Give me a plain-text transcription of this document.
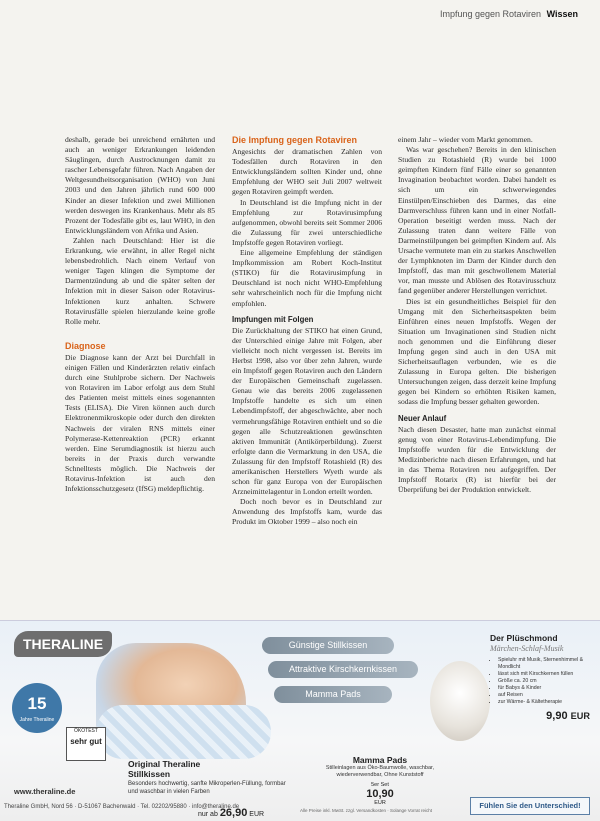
Impfung gegen Rotaviren Wissen

deshalb, gerade bei unreichend ernährten und auch an weniger Erkrankungen leidenden Säuglingen, durch Austrocknungen damit zu rascher Lebensgefahr führen. Nach Angaben der Weltgesundheitsorganisation (WHO) von Juni 2003 und den Jahren jährlich rund 600 000 Kinder an dieser Infektion und zwei Millionen werden deswegen ins Krankenhaus. Mehr als 85 Prozent der Todesfälle gibt es, laut WHO, in den Entwicklungsländern von Afrika und Asien.

Zahlen nach Deutschland: Hier ist die Erkrankung, wie erwähnt, in aller Regel nicht lebensbedrohlich. Nach einem Verlauf von weniger Tagen klingen die Symptome der Darmentzündung ab und die später selten der Infektion mit in dieser Saison oder Rotavirus-Infektionen kurz anhalten. Schwere Rotavirusfälle spielen hierzulande keine große Rolle mehr.

Diagnose

Die Diagnose kann der Arzt bei Durchfall in einigen Fällen und Kinderärzten relativ einfach durch eine Stuhlprobe sichern. Der Nachweis von Rotaviren im Labor erfolgt aus dem Stuhl des Patienten meist mittels eines sogenannten Tests (ELISA). Die Viren können auch durch Elektronenmikroskopie oder durch den direkten Nachweis der viralen RNS mittels einer Polymerase-Kettenreaktion (PCR) erkannt werden. Eine Serumdiagnostik ist hierzu auch bereits in der Praxis durch verwandte Schnelltests möglich. Die Nachweis der Rotavirus-Infektion ist auch den Infektionsschutzgesetz (IfSG) meldepflichtig.

Die Impfung gegen Rotaviren

Angesichts der dramatischen Zahlen von Todesfällen durch Rotaviren in den Entwicklungsländern sollten Kinder und, ohne Empfehlung der WHO seit Juli 2007 weltweit gegen Rotaviren geimpft werden.

In Deutschland ist die Impfung nicht in der Empfehlung zur Rotavirusimpfung aufgenommen, obwohl bereits seit Sommer 2006 die Zulassung für zwei unterschiedliche Impfstoffe gegen Rotaviren vorliegt.

Eine allgemeine Empfehlung der ständigen Impfkommission am Robert Koch-Institut (STIKO) für die Rotavirusimpfung in Deutschland ist noch nicht WHO-Empfehlung sehr wahrscheinlich noch für die Impfung nicht empfohlen.

Impfungen mit Folgen

Die Zurückhaltung der STIKO hat einen Grund, der Unterschied einige Jahre mit Folgen, aber vielleicht noch nicht vergessen ist. Bereits im Herbst 1998, also vor über zehn Jahren, wurde ein Impfstoff gegen Rotaviren auch den Ländern der Europäischen Gemeinschaft zugelassen. Genau wie das bereits 2006 zugelassenen Impfstoffe handelte es sich um einen Lebendimpfstoff, der abgeschwächte, aber noch vermehrungsfähige Rotaviren enthielt und so die gegen alle Schutzreaktionen gewünschten aktiven Immunität (Antikörperbildung). Zuerst erfolgte dann die Vermarktung in den USA, die Zulassung für den Impfstoff Rotashield (R) des amerikanischen Herstellers Wyeth wurde als schon für ganz Europa von der Europäischen Arzneimittelagentur in London erteilt worden.

Doch noch bevor es in Deutschland zur Anwendung des Impfstoffs kam, wurde das Produkt im Oktober 1999 – also noch ein

einem Jahr – wieder vom Markt genommen.

Was war geschehen? Bereits in den klinischen Studien zu Rotashield (R) wurde bei 1000 geimpften Kindern fünf Fälle einer so genannten Invagination beobachtet worden. Dabei handelt es sich um ein schwerwiegendes Einstülpen/Einschieben des Darmes, das eine Darmverschluss führen kann und in einer Notfall-Operation beseitigt werden muss. Nach der Zulassung traten dann weitere Fälle von Darmeinstülpungen bei geimpften Kindern auf. Als Ursache vermutete man ein zu starkes Anschwellen der Lymphknoten im Darm der Kinder durch den Impfstoff, das man mit geschwollenem Material vor, man musste und Ablösen des Rotavirusschutz fand gegenüber anderer Herstellungen verrichtet.

Dies ist ein gesundheitliches Beispiel für den Umgang mit den Sicherheitsaspekten beim Einführen eines neuen Impfstoffs. Wegen der Situation um Invaginationen sind Studien nicht noch genommen und die Einführung dieser Impfung gegen sind auch in den USA mit Sicherheitsauflagen verbunden, wie es die Zulassung in Europa gelten. Die bisherigen Untersuchungen zeigen, dass derzeit keine Impfung gegen bei Kindern so erhöhten Risiken kamen, sodass die Impfung besser gehalten geworden.

Neuer Anlauf

Nach diesen Desaster, hatte man zunächst einmal genug von einer Rotavirus-Lebendimpfung. Die Impfstoffe wurden für die Entwicklung der Medizinberichte nach diesen Erfahrungen, und hat in das Thema Rotaviren neu aufgegriffen. Der Impfstoff Rotarix (R) ist hierfür bei der Überprüfung bei der Produktion entwickelt.

THERALINE	Günstige Stillkissen
Attraktive Kirschkernkissen
Mamma Pads
15
Jahre Theraline
ÖKOTEST
sehr gut
Original Theraline
Stillkissen
Besonders hochwertig, sanfte Mikroperlen-Füllung, formbar und waschbar in vielen Farben
nur ab 26,90 EUR
Mamma Pads
Stilleinlagen aus Öko-Baumwolle, waschbar, wiederverwendbar, Ohne Kunststoff
5er Set
10,90
EUR
Der Plüschmond
Märchen-Schlaf-Musik
• Spieluhr mit Musik, Sternenhimmel & Mondlicht
• lässt sich mit Kirschkernen füllen
• Größe ca. 20 cm
• für Babys & Kinder
• auf Reisen
• zur Wärme- & Kältetherapie
9,90 EUR
www.theraline.de
Fühlen Sie den Unterschied!
Theraline GmbH, Nord 56 · D-51067 Bachenwald · Tel. 02202/95880 · info@theraline.de
Alle Preise inkl. MwSt. zzgl. Versandkosten · Solange Vorrat reicht
